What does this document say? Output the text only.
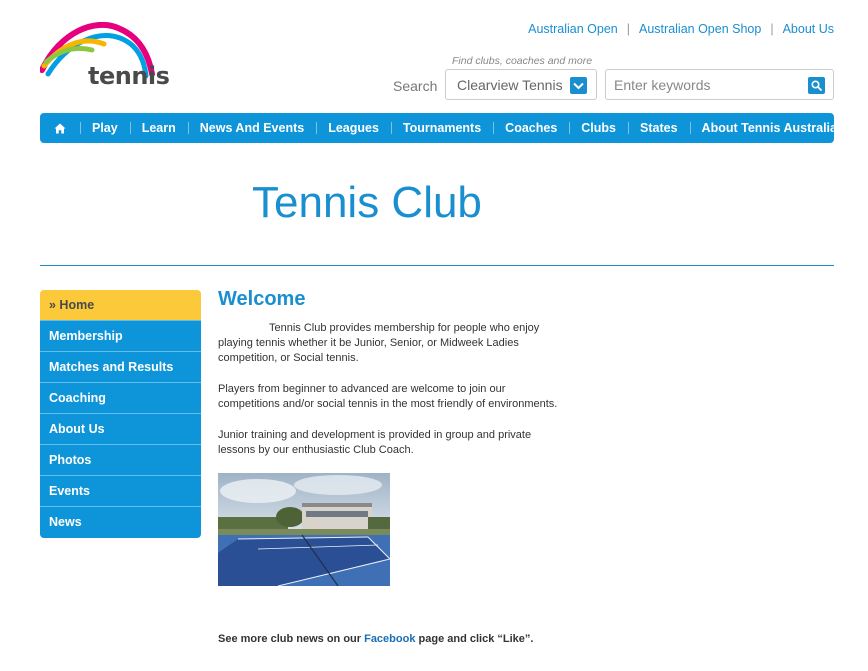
tennis
Australian Open | Australian Open Shop | About Us
Find clubs, coaches and more
Search Clearview Tennis
Enter keywords
Play	Learn	News And Events	Leagues	Tournaments	Coaches	Clubs	States	About Tennis Australia
Tennis Club
» Home
Membership
Matches and Results
Coaching
About Us
Photos
Events
News
Welcome

Tennis Club provides membership for people who enjoy playing tennis whether it be Junior, Senior, or Midweek Ladies competition, or Social tennis.

Players from beginner to advanced are welcome to join our competitions and/or social tennis in the most friendly of environments.

Junior training and development is provided in group and private lessons by our enthusiastic Club Coach.

See more club news on our Facebook page and click “Like”.
